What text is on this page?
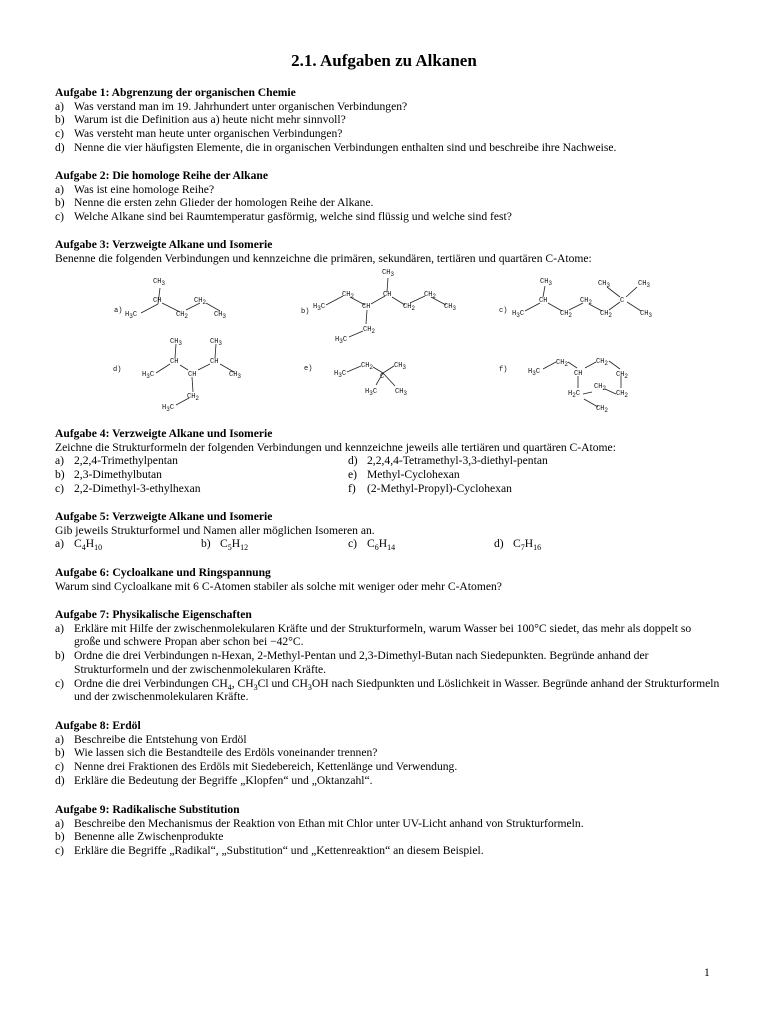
2.1. Aufgaben zu Alkanen
Aufgabe 1: Abgrenzung der organischen Chemie
a) Was verstand man im 19. Jahrhundert unter organischen Verbindungen?
b) Warum ist die Definition aus a) heute nicht mehr sinnvoll?
c) Was versteht man heute unter organischen Verbindungen?
d) Nenne die vier häufigsten Elemente, die in organischen Verbindungen enthalten sind und beschreibe ihre Nachweise.
Aufgabe 2: Die homologe Reihe der Alkane
a) Was ist eine homologe Reihe?
b) Nenne die ersten zehn Glieder der homologen Reihe der Alkane.
c) Welche Alkane sind bei Raumtemperatur gasförmig, welche sind flüssig und welche sind fest?
Aufgabe 3: Verzweigte Alkane und Isomerie
Benenne die folgenden Verbindungen und kennzeichne die primären, sekundären, tertiären und quartären C-Atome:
a) H3C
CH3
CH
CH2
CH2
CH3
b)
H3C
CH2
CH
CH3
CH
CH2
CH2
CH3
CH2
H3C
c) H3C
CH3
CH
CH2
CH2
CH2
C
CH3	CH3
CH3
d)
H3C
CH3
CH
CH
CH3
CH
CH3
CH2
H3C
e)
H3C
CH2
C
CH3
H3C	CH3
f)	H3C
CH2
CH
CH2
CH2
CH2
CH2
H2C
CH2
Aufgabe 4: Verzweigte Alkane und Isomerie
Zeichne die Strukturformeln der folgenden Verbindungen und kennzeichne jeweils alle tertiären und quartären C-Atome:
a) 2,2,4-Trimethylpentan	d) 2,2,4,4-Tetramethyl-3,3-diethyl-pentan
b) 2,3-Dimethylbutan	e) Methyl-Cyclohexan
c) 2,2-Dimethyl-3-ethylhexan	f) (2-Methyl-Propyl)-Cyclohexan
Aufgabe 5: Verzweigte Alkane und Isomerie
Gib jeweils Strukturformel und Namen aller möglichen Isomeren an.
a) $C_4H_{10}$	b) $C_5H_{12}$	c) $C_6H_{14}$	d) $C_7H_{16}$
Aufgabe 6: Cycloalkane und Ringspannung
Warum sind Cycloalkane mit 6 C-Atomen stabiler als solche mit weniger oder mehr C-Atomen?
Aufgabe 7: Physikalische Eigenschaften
a) Erkläre mit Hilfe der zwischenmolekularen Kräfte und der Strukturformeln, warum Wasser bei 100°C siedet, das mehr als doppelt so große und schwere Propan aber schon bei −42°C.
b) Ordne die drei Verbindungen n-Hexan, 2-Methyl-Pentan und 2,3-Dimethyl-Butan nach Siedepunkten. Begründe anhand der Strukturformeln und der zwischenmolekularen Kräfte.
c) Ordne die drei Verbindungen $CH_4$, $CH_3Cl$ und $CH_3OH$ nach Siedpunkten und Löslichkeit in Wasser. Begründe anhand der Strukturformeln und der zwischenmolekularen Kräfte.
Aufgabe 8: Erdöl
a) Beschreibe die Entstehung von Erdöl
b) Wie lassen sich die Bestandteile des Erdöls voneinander trennen?
c) Nenne drei Fraktionen des Erdöls mit Siedebereich, Kettenlänge und Verwendung.
d) Erkläre die Bedeutung der Begriffe „Klopfen“ und „Oktanzahl“.
Aufgabe 9: Radikalische Substitution
a) Beschreibe den Mechanismus der Reaktion von Ethan mit Chlor unter UV-Licht anhand von Strukturformeln.
b) Benenne alle Zwischenprodukte
c) Erkläre die Begriffe „Radikal“, „Substitution“ und „Kettenreaktion“ an diesem Beispiel.
1
